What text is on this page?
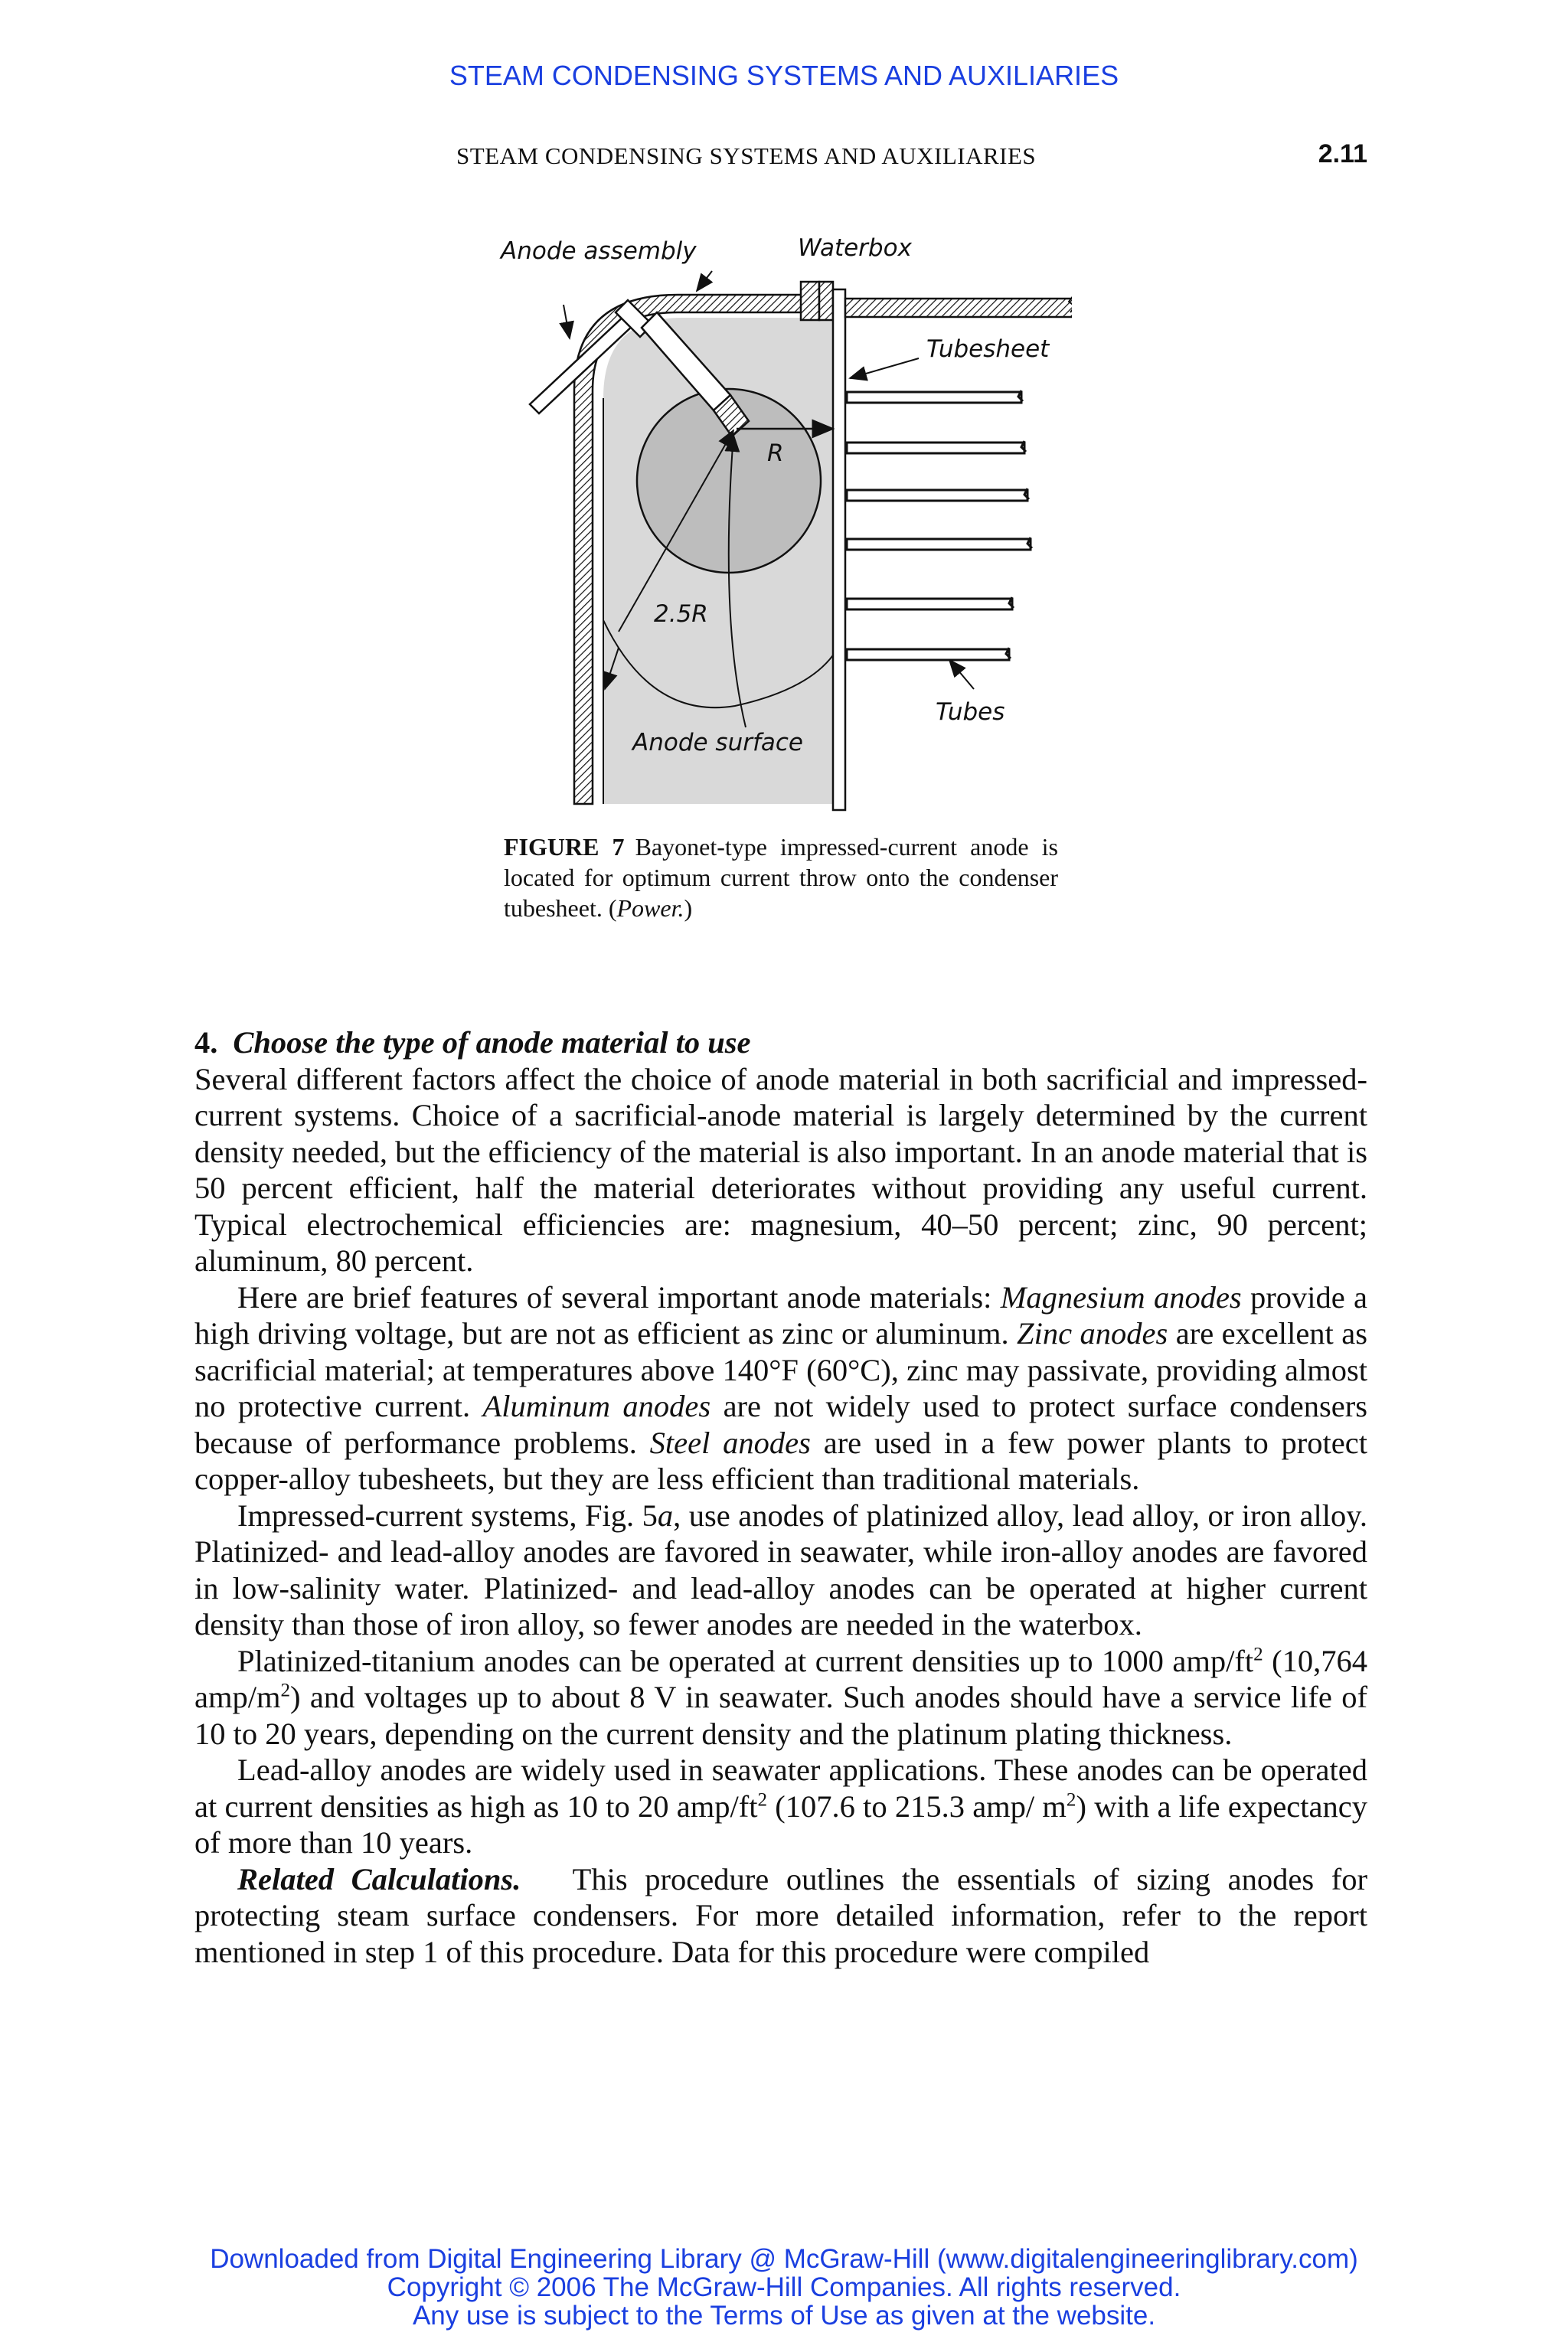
STEAM CONDENSING SYSTEMS AND AUXILIARIES
STEAM CONDENSING SYSTEMS AND AUXILIARIES	2.11
Anode assembly	Waterbox
Tubesheet
R
2.5R
Tubes
Anode surface
FIGURE 7 Bayonet-type impressed-current anode is located for optimum current throw onto the condenser tubesheet. (Power.)
4. Choose the type of anode material to use

Several different factors affect the choice of anode material in both sacrificial and impressed-current systems. Choice of a sacrificial-anode material is largely determined by the current density needed, but the efficiency of the material is also important. In an anode material that is 50 percent efficient, half the material deteriorates without providing any useful current. Typical electrochemical efficiencies are: magnesium, 40–50 percent; zinc, 90 percent; aluminum, 80 percent.

Here are brief features of several important anode materials: Magnesium anodes provide a high driving voltage, but are not as efficient as zinc or aluminum. Zinc anodes are excellent as sacrificial material; at temperatures above 140°F (60°C), zinc may passivate, providing almost no protective current. Aluminum anodes are not widely used to protect surface condensers because of performance problems. Steel anodes are used in a few power plants to protect copper-alloy tubesheets, but they are less efficient than traditional materials.

Impressed-current systems, Fig. 5a, use anodes of platinized alloy, lead alloy, or iron alloy. Platinized- and lead-alloy anodes are favored in seawater, while iron-alloy anodes are favored in low-salinity water. Platinized- and lead-alloy anodes can be operated at higher current density than those of iron alloy, so fewer anodes are needed in the waterbox.

Platinized-titanium anodes can be operated at current densities up to 1000 amp/$ft^2$ (10,764 amp/$m^2$) and voltages up to about 8 V in seawater. Such anodes should have a service life of 10 to 20 years, depending on the current density and the platinum plating thickness.

Lead-alloy anodes are widely used in seawater applications. These anodes can be operated at current densities as high as 10 to 20 amp/$ft^2$ (107.6 to 215.3 amp/ $m^2$) with a life expectancy of more than 10 years.

Related Calculations. This procedure outlines the essentials of sizing anodes for protecting steam surface condensers. For more detailed information, refer to the report mentioned in step 1 of this procedure. Data for this procedure were compiled

Downloaded from Digital Engineering Library @ McGraw-Hill (www.digitalengineeringlibrary.com)
Copyright © 2006 The McGraw-Hill Companies. All rights reserved.
Any use is subject to the Terms of Use as given at the website.
